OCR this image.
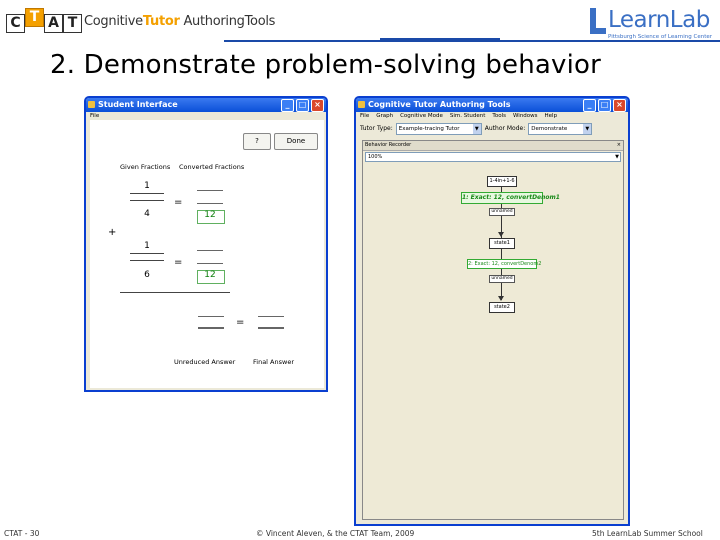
C T A T CognitiveTutor AuthoringTools	LearnLab
Pittsburgh Science of Learning Center
2. Demonstrate problem-solving behavior
Student Interface	_	□ ×
File
?	Done
Given Fractions Converted Fractions
1
4
=
12
+
1
6
=
12
=
Unreduced Answer	Final Answer
Cognitive Tutor Authoring Tools	_	□ ×
File Graph Cognitive Mode Sim. Student Tools Windows Help
Tutor Type:	Example-tracing Tutor	▼	Author Mode:	Demonstrate	▼
Behavior Recorder	×
100%	▼
1-4in+1-6
1: Exact: 12, convertDenom1
unnamed
state1
2: Exact: 12, convertDenom2
unnamed
state2
CTAT - 30	© Vincent Aleven, & the CTAT Team, 2009	5th LearnLab Summer School
